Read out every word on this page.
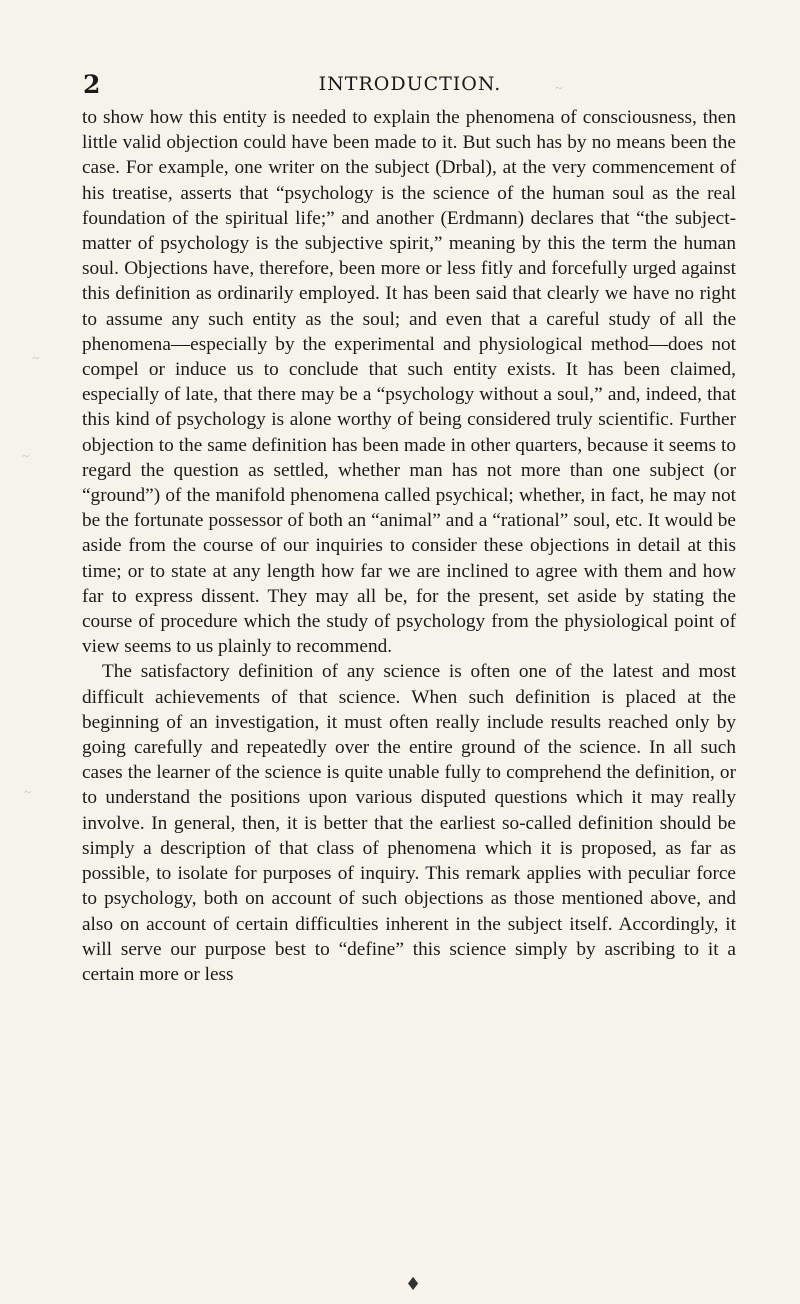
2	INTRODUCTION.	~
~
~
~

to show how this entity is needed to explain the phenomena of consciousness, then little valid objection could have been made to it. But such has by no means been the case. For example, one writer on the subject (Drbal), at the very commencement of his treatise, asserts that “psychology is the science of the human soul as the real foundation of the spiritual life;” and another (Erdmann) declares that “the subject-matter of psychology is the subjective spirit,” meaning by this the term the human soul. Objections have, therefore, been more or less fitly and forcefully urged against this definition as ordinarily employed. It has been said that clearly we have no right to assume any such entity as the soul; and even that a careful study of all the phenomena—especially by the experimental and physiological method—does not compel or induce us to conclude that such entity exists. It has been claimed, especially of late, that there may be a “psychology without a soul,” and, indeed, that this kind of psychology is alone worthy of being considered truly scientific. Further objection to the same definition has been made in other quarters, because it seems to regard the question as settled, whether man has not more than one subject (or “ground”) of the manifold phenomena called psychical; whether, in fact, he may not be the fortunate possessor of both an “animal” and a “rational” soul, etc. It would be aside from the course of our inquiries to consider these objections in detail at this time; or to state at any length how far we are inclined to agree with them and how far to express dissent. They may all be, for the present, set aside by stating the course of procedure which the study of psychology from the physiological point of view seems to us plainly to recommend.

The satisfactory definition of any science is often one of the latest and most difficult achievements of that science. When such definition is placed at the beginning of an investigation, it must often really include results reached only by going carefully and repeatedly over the entire ground of the science. In all such cases the learner of the science is quite unable fully to comprehend the definition, or to understand the positions upon various disputed questions which it may really involve. In general, then, it is better that the earliest so-called definition should be simply a description of that class of phenomena which it is proposed, as far as possible, to isolate for purposes of inquiry. This remark applies with peculiar force to psychology, both on account of such objections as those mentioned above, and also on account of certain difficulties inherent in the subject itself. Accordingly, it will serve our purpose best to “define” this science simply by ascribing to it a certain more or less

♦
